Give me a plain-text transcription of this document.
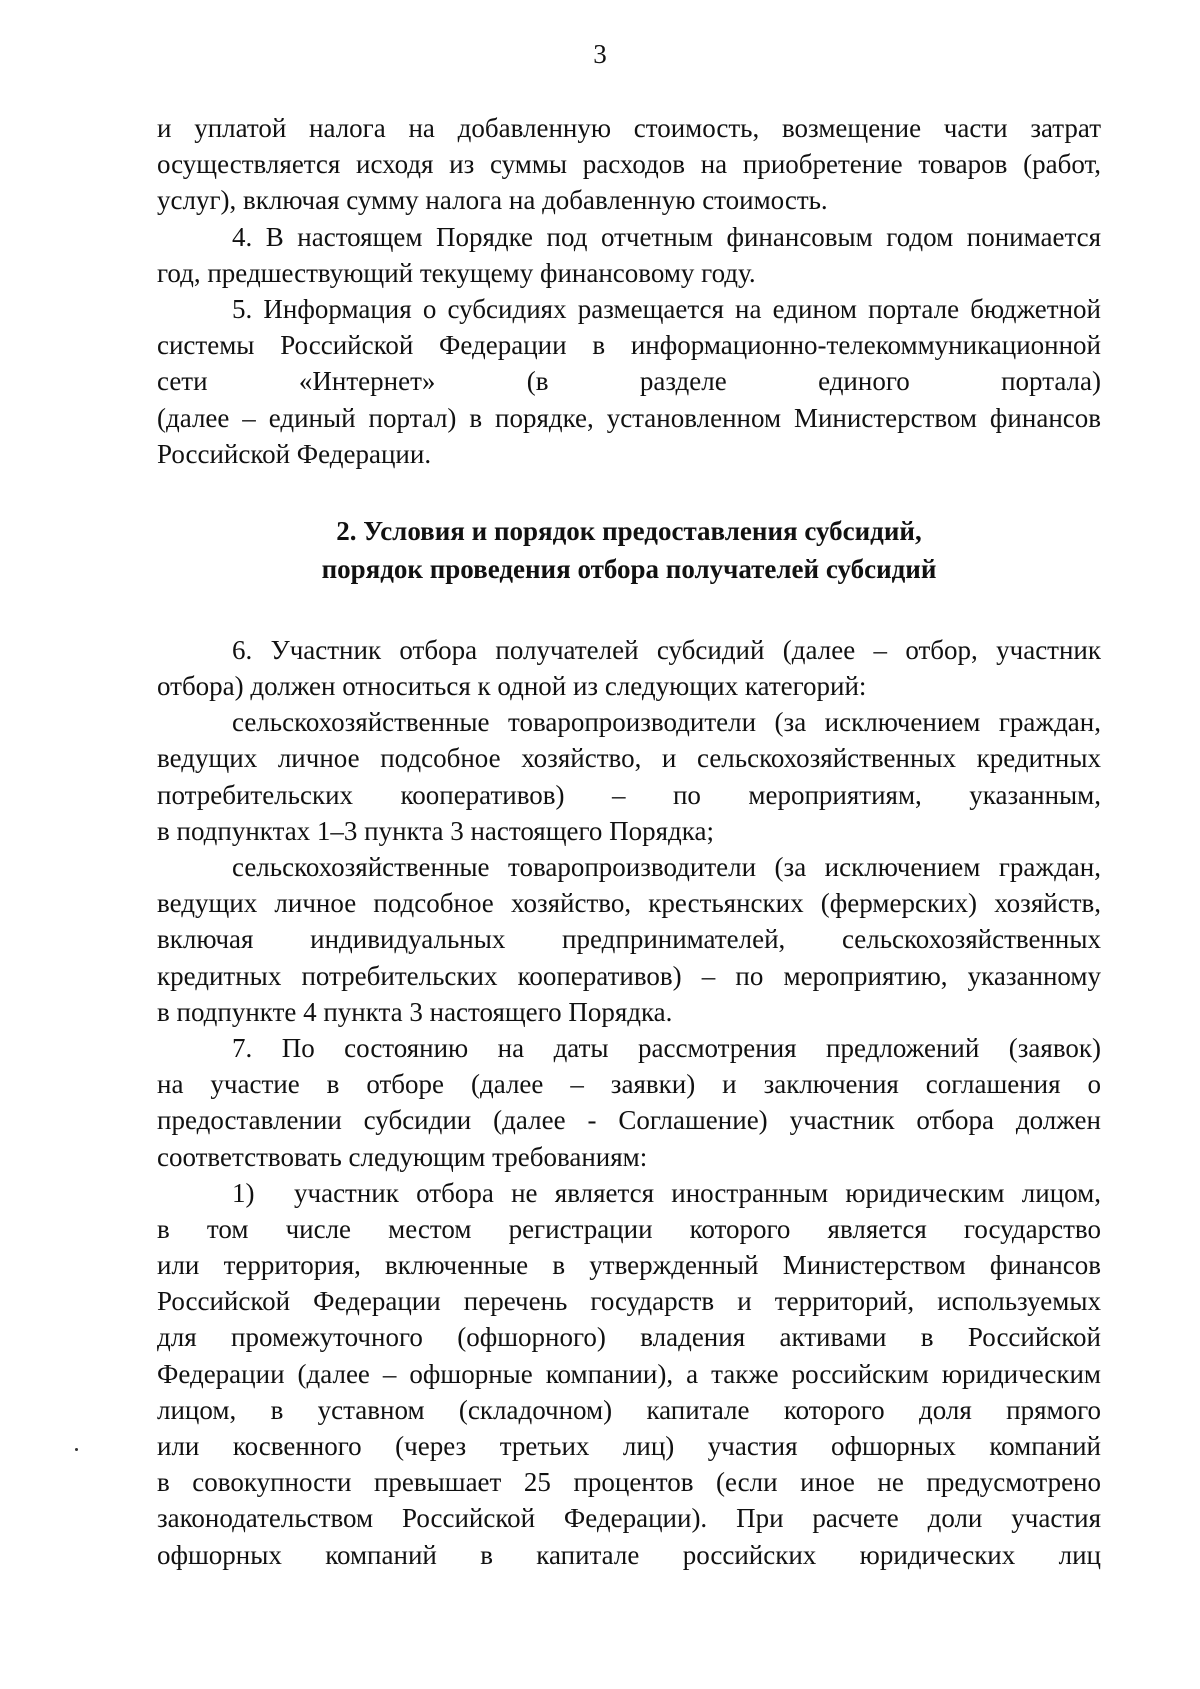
3
и уплатой налога на добавленную стоимость, возмещение части затрат
осуществляется исходя из суммы расходов на приобретение товаров (работ,
услуг), включая сумму налога на добавленную стоимость.
4. В настоящем Порядке под отчетным финансовым годом понимается
год, предшествующий текущему финансовому году.
5. Информация о субсидиях размещается на едином портале бюджетной
системы Российской Федерации в информационно-телекоммуникационной
сети «Интернет» (в разделе единого портала)
(далее – единый портал) в порядке, установленном Министерством финансов
Российской Федерации.
2. Условия и порядок предоставления субсидий,
порядок проведения отбора получателей субсидий
6. Участник отбора получателей субсидий (далее – отбор, участник
отбора) должен относиться к одной из следующих категорий:
сельскохозяйственные товаропроизводители (за исключением граждан,
ведущих личное подсобное хозяйство, и сельскохозяйственных кредитных
потребительских кооперативов) – по мероприятиям, указанным,
в подпунктах 1–3 пункта 3 настоящего Порядка;
сельскохозяйственные товаропроизводители (за исключением граждан,
ведущих личное подсобное хозяйство, крестьянских (фермерских) хозяйств,
включая индивидуальных предпринимателей, сельскохозяйственных
кредитных потребительских кооперативов) – по мероприятию, указанному
в подпункте 4 пункта 3 настоящего Порядка.
7. По состоянию на даты рассмотрения предложений (заявок)
на участие в отборе (далее – заявки) и заключения соглашения о
предоставлении субсидии (далее - Соглашение) участник отбора должен
соответствовать следующим требованиям:
1)	участник отбора не является иностранным юридическим лицом,
в том числе местом регистрации которого является государство
или территория, включенные в утвержденный Министерством финансов
Российской Федерации перечень государств и территорий, используемых
для промежуточного (офшорного) владения активами в Российской
Федерации (далее – офшорные компании), а также российским юридическим
лицом, в уставном (складочном) капитале которого доля прямого
или косвенного (через третьих лиц) участия офшорных компаний
в совокупности превышает 25 процентов (если иное не предусмотрено
законодательством Российской Федерации). При расчете доли участия
офшорных компаний в капитале российских юридических лиц
